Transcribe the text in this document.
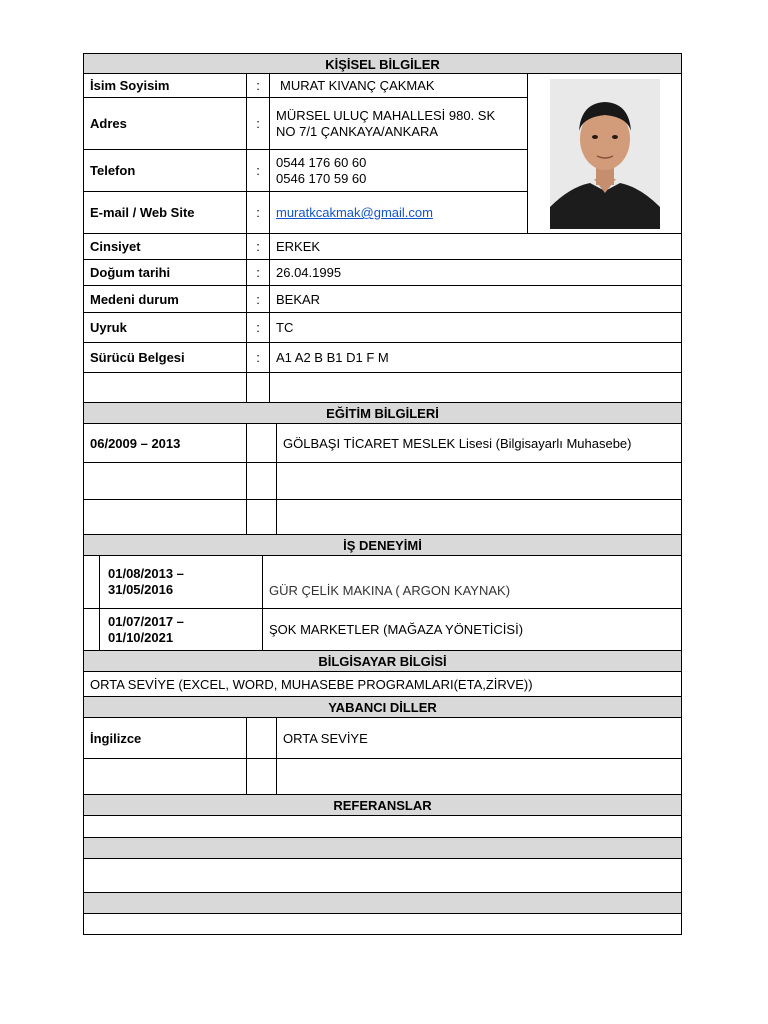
KİŞİSEL BİLGİLER
İsim Soyisim	:	MURAT KIVANÇ ÇAKMAK
Adres	:
MÜRSEL ULUÇ MAHALLESİ 980. SK
NO 7/1 ÇANKAYA/ANKARA
Telefon	:
0544 176 60 60
0546 170 59 60
E-mail / Web Site	:	muratkcakmak@gmail.com
Cinsiyet	:	ERKEK
Doğum tarihi	:	26.04.1995
Medeni durum	:	BEKAR
Uyruk	:	TC
Sürücü Belgesi	:	A1 A2 B B1 D1 F M
EĞİTİM BİLGİLERİ
06/2009 – 2013	GÖLBAŞI TİCARET MESLEK Lisesi (Bilgisayarlı Muhasebe)
İŞ DENEYİMİ
01/08/2013 –
31/05/2016	GÜR ÇELİK MAKINA ( ARGON KAYNAK)
01/07/2017 –
01/10/2021	ŞOK MARKETLER (MAĞAZA YÖNETİCİSİ)
BİLGİSAYAR BİLGİSİ
ORTA SEVİYE (EXCEL, WORD, MUHASEBE PROGRAMLARI(ETA,ZİRVE))
YABANCI DİLLER
İngilizce	ORTA SEVİYE
REFERANSLAR
